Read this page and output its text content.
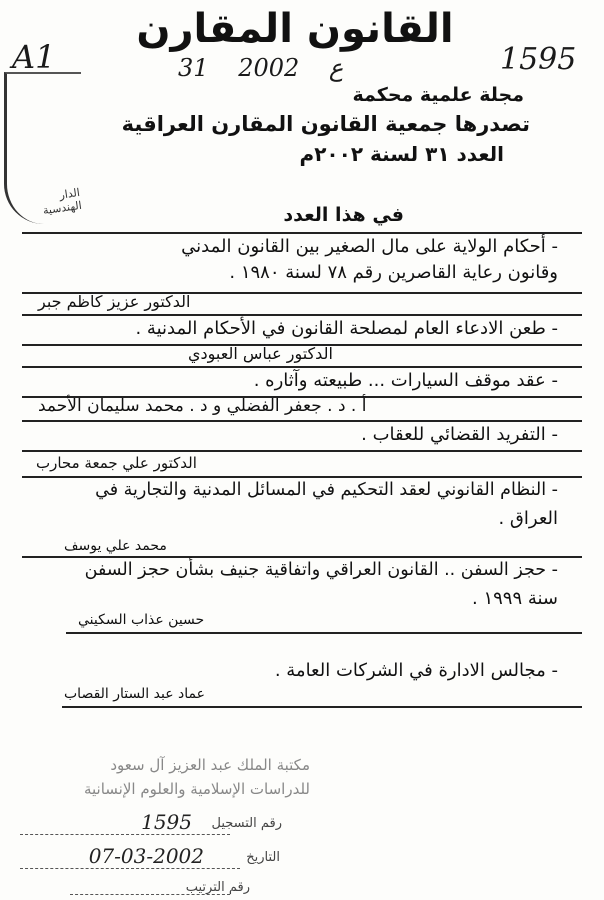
A1	1595
31	ع 2002
الدار الهندسية
القانون المقارن
مجلة علمية محكمة
تصدرها جمعية القانون المقارن العراقية
العدد ٣١ لسنة ٢٠٠٢م
في هذا العدد
- أحكام الولاية على مال الصغير بين القانون المدني
وقانون رعاية القاصرين رقم ٧٨ لسنة ١٩٨٠ .
الدكتور عزيز كاظم جبر
- طعن الادعاء العام لمصلحة القانون في الأحكام المدنية .
الدكتور عباس العبودي
- عقد موقف السيارات ... طبيعته وآثاره .
أ . د . جعفر الفضلي و د . محمد سليمان الأحمد
- التفريد القضائي للعقاب .
الدكتور علي جمعة محارب
- النظام القانوني لعقد التحكيم في المسائل المدنية والتجارية في
العراق .
محمد علي يوسف
- حجز السفن .. القانون العراقي واتفاقية جنيف بشأن حجز السفن
سنة ١٩٩٩ .
حسين عذاب السكيني
- مجالس الادارة في الشركات العامة .
عماد عبد الستار القصاب
مكتبة الملك عبد العزيز آل سعود
للدراسات الإسلامية والعلوم الإنسانية
رقم التسجيل
1595
التاريخ
07-03-2002
رقم الترتيب
